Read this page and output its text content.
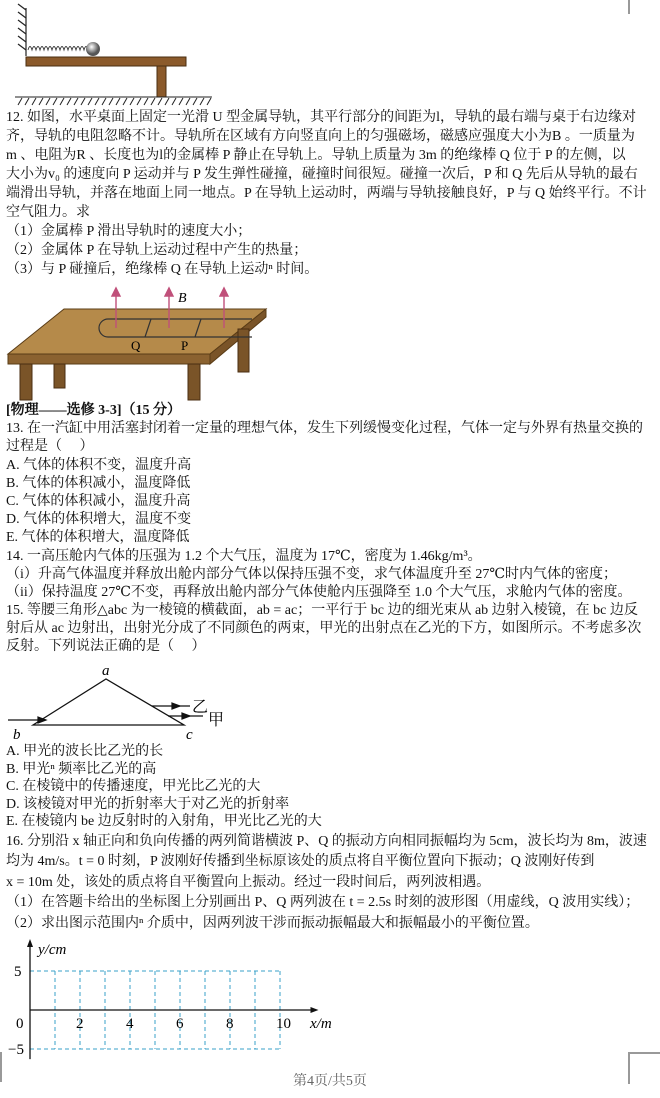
12. 如图，水平桌面上固定一光滑 U 型金属导轨，其平行部分的间距为l，导轨的最右端与桌于右边缘对
齐，导轨的电阻忽略不计。导轨所在区域有方向竖直向上的匀强磁场，磁感应强度大小为B 。一质量为
m 、电阻为R 、长度也为l的金属棒 P 静止在导轨上。导轨上质量为 3m 的绝缘棒 Q 位于 P 的左侧，以
大小为v₀ 的速度向 P 运动并与 P 发生弹性碰撞，碰撞时间很短。碰撞一次后，P 和 Q 先后从导轨的最右
端滑出导轨，并落在地面上同一地点。P 在导轨上运动时，两端与导轨接触良好，P 与 Q 始终平行。不计
空气阻力。求
（1）金属棒 P 滑出导轨时的速度大小；
（2）金属体 P 在导轨上运动过程中产生的热量；
（3）与 P 碰撞后，绝缘棒 Q 在导轨上运动ⁿ 时间。
B
Q	P
[物理——选修 3-3]（15 分）
13. 在一汽缸中用活塞封闭着一定量的理想气体，发生下列缓慢变化过程，气体一定与外界有热量交换的
过程是（　 ）
A. 气体的体积不变，温度升高
B. 气体的体积减小，温度降低
C. 气体的体积减小，温度升高
D. 气体的体积增大，温度不变
E. 气体的体积增大，温度降低
14. 一高压舱内气体的压强为 1.2 个大气压，温度为 17℃，密度为 1.46kg/m³。
（i）升高气体温度并释放出舱内部分气体以保持压强不变，求气体温度升至 27℃时内气体的密度；
（ii）保持温度 27℃不变，再释放出舱内部分气体使舱内压强降至 1.0 个大气压，求舱内气体的密度。
15. 等腰三角形△abc 为一棱镜的横截面，ab = ac；一平行于 bc 边的细光束从 ab 边射入棱镜，在 bc 边反
射后从 ac 边射出，出射光分成了不同颜色的两束，甲光的出射点在乙光的下方，如图所示。不考虑多次
反射。下列说法正确的是（　 ）
a
b	c
乙
甲
A. 甲光的波长比乙光的长
B. 甲光ⁿ 频率比乙光的高
C. 在棱镜中的传播速度，甲光比乙光的大
D. 该棱镜对甲光的折射率大于对乙光的折射率
E. 在棱镜内 be 边反射时的入射角，甲光比乙光的大
16. 分别沿 x 轴正向和负向传播的两列简谐横波 P、Q 的振动方向相同振幅均为 5cm，波长均为 8m，波速
均为 4m/s。t = 0 时刻，P 波刚好传播到坐标原该处的质点将自平衡位置向下振动；Q 波刚好传到
x = 10m 处，该处的质点将自平衡置向上振动。经过一段时间后，两列波相遇。
（1）在答题卡给出的坐标图上分别画出 P、Q 两列波在 t = 2.5s 时刻的波形图（用虚线，Q 波用实线）；
（2）求出图示范围内ⁿ 介质中，因两列波干涉而振动振幅最大和振幅最小的平衡位置。
y/cm
x/m
0
5
−5
2	4	6	8	10
第4页/共5页
